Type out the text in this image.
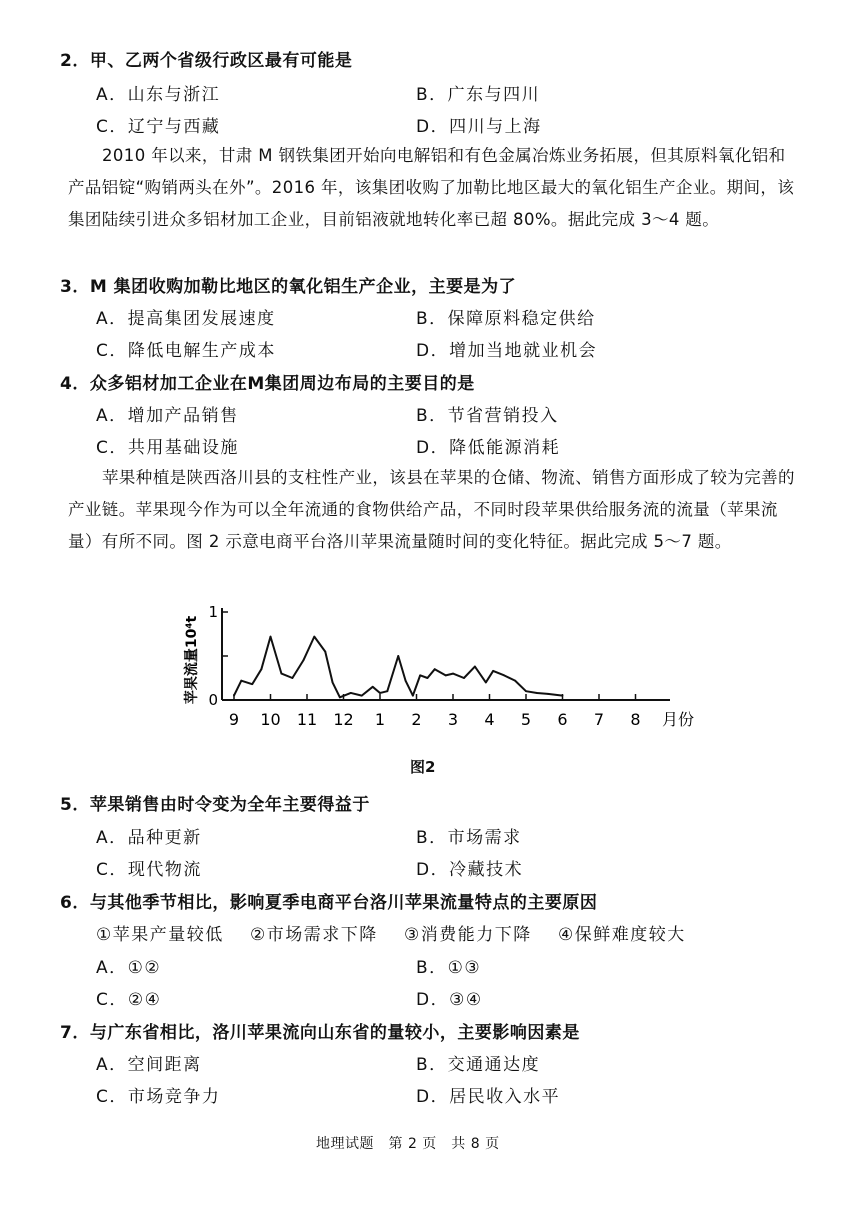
2．甲、乙两个省级行政区最有可能是
A．山东与浙江	B．广东与四川
C．辽宁与西藏	D．四川与上海
2010 年以来，甘肃 M 钢铁集团开始向电解铝和有色金属冶炼业务拓展，但其原料氧化铝和产品铝锭“购销两头在外”。2016 年，该集团收购了加勒比地区最大的氧化铝生产企业。期间，该集团陆续引进众多铝材加工企业，目前铝液就地转化率已超 80%。据此完成 3～4 题。
3．M 集团收购加勒比地区的氧化铝生产企业，主要是为了
A．提高集团发展速度	B．保障原料稳定供给
C．降低电解生产成本	D．增加当地就业机会
4．众多铝材加工企业在M集团周边布局的主要目的是
A．增加产品销售	B．节省营销投入
C．共用基础设施	D．降低能源消耗
苹果种植是陕西洛川县的支柱性产业，该县在苹果的仓储、物流、销售方面形成了较为完善的产业链。苹果现今作为可以全年流通的食物供给产品，不同时段苹果供给服务流的流量（苹果流量）有所不同。图 2 示意电商平台洛川苹果流量随时间的变化特征。据此完成 5～7 题。
0
1
9 10 11 12 1 2 3 4 5 6 7 8 月份
苹果流量10⁴t
图2
5．苹果销售由时令变为全年主要得益于
A．品种更新	B．市场需求
C．现代物流	D．冷藏技术
6．与其他季节相比，影响夏季电商平台洛川苹果流量特点的主要原因
①苹果产量较低 ②市场需求下降 ③消费能力下降 ④保鲜难度较大
A．①②	B．①③
C．②④	D．③④
7．与广东省相比，洛川苹果流向山东省的量较小，主要影响因素是
A．空间距离	B．交通通达度
C．市场竞争力	D．居民收入水平
地理试题　第 2 页　共 8 页
